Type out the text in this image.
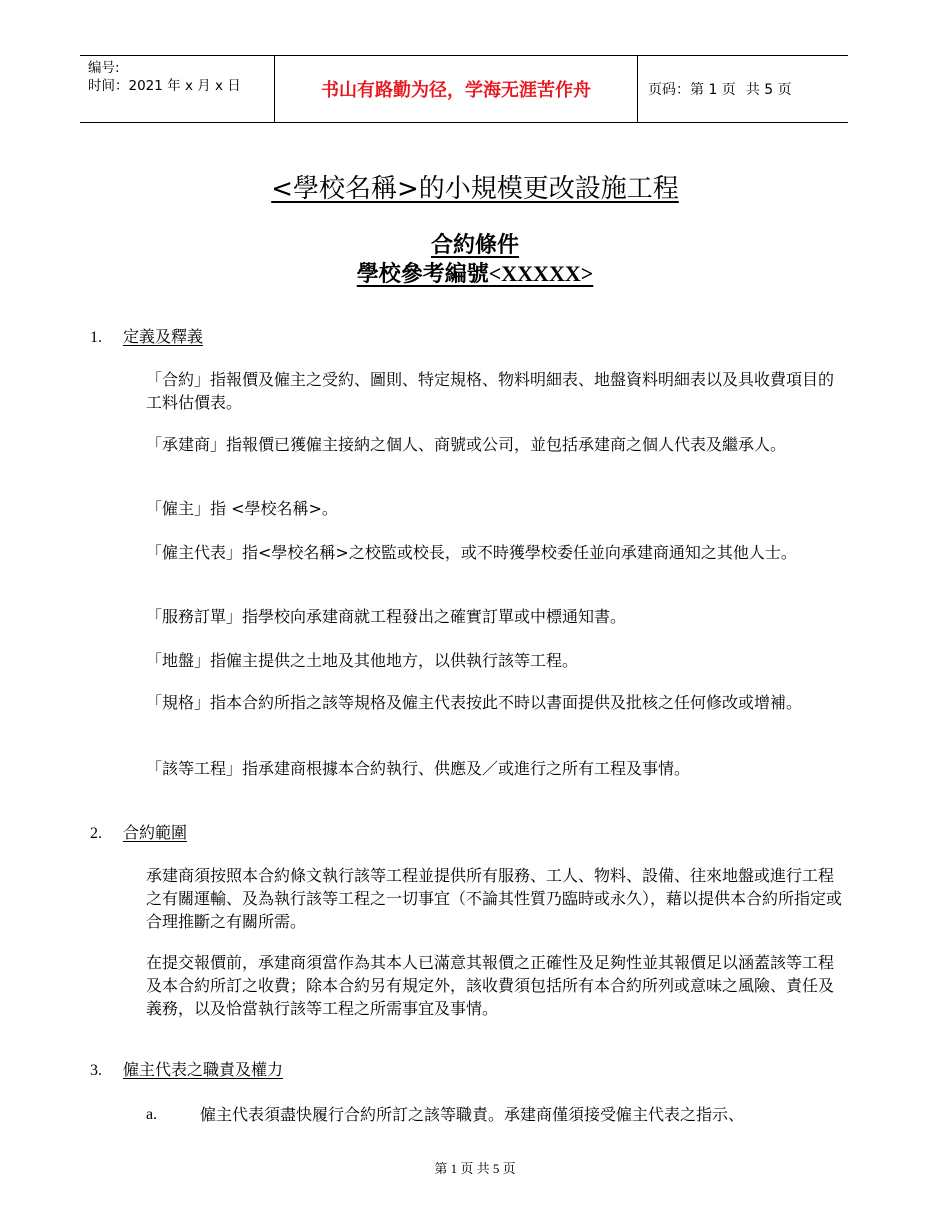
编号:
时间：2021 年 x 月 x 日	书山有路勤为径，学海无涯苦作舟	页码：第 1 页 共 5 页
<學校名稱>的小規模更改設施工程
合約條件
學校參考編號<XXXXX>
1. 定義及釋義

「合約」指報價及僱主之受約、圖則、特定規格、物料明細表、地盤資料明細表以及具收費項目的工料估價表。

「承建商」指報價已獲僱主接納之個人、商號或公司，並包括承建商之個人代表及繼承人。

「僱主」指 <學校名稱>。

「僱主代表」指<學校名稱>之校監或校長，或不時獲學校委任並向承建商通知之其他人士。

「服務訂單」指學校向承建商就工程發出之確實訂單或中標通知書。

「地盤」指僱主提供之土地及其他地方，以供執行該等工程。

「規格」指本合約所指之該等規格及僱主代表按此不時以書面提供及批核之任何修改或增補。

「該等工程」指承建商根據本合約執行、供應及／或進行之所有工程及事情。

2. 合約範圍

承建商須按照本合約條文執行該等工程並提供所有服務、工人、物料、設備、往來地盤或進行工程之有關運輸、及為執行該等工程之一切事宜（不論其性質乃臨時或永久），藉以提供本合約所指定或合理推斷之有關所需。

在提交報價前，承建商須當作為其本人已滿意其報價之正確性及足夠性並其報價足以涵蓋該等工程及本合約所訂之收費；除本合約另有規定外，該收費須包括所有本合約所列或意味之風險、責任及義務，以及恰當執行該等工程之所需事宜及事情。

3. 僱主代表之職責及權力
a.	僱主代表須盡快履行合約所訂之該等職責。承建商僅須接受僱主代表之指示、
第 1 页 共 5 页
